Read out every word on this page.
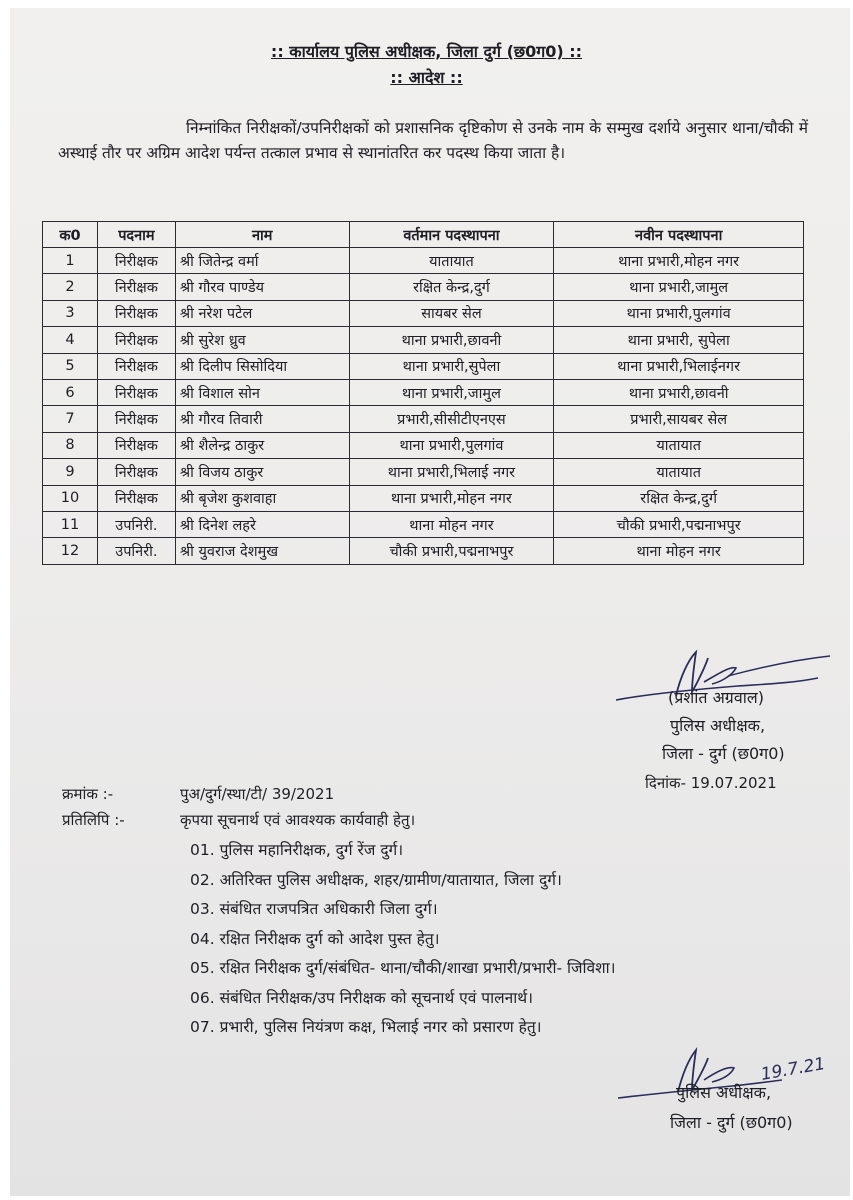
:: कार्यालय पुलिस अधीक्षक, जिला दुर्ग (छ0ग0) ::
:: आदेश ::
निम्नांकित निरीक्षकों/उपनिरीक्षकों को प्रशासनिक दृष्टिकोण से उनके नाम के सम्मुख दर्शाये अनुसार थाना/चौकी में अस्थाई तौर पर अग्रिम आदेश पर्यन्त तत्काल प्रभाव से स्थानांतरित कर पदस्थ किया जाता है।
क0	पदनाम	नाम	वर्तमान पदस्थापना	नवीन पदस्थापना
1	निरीक्षक	श्री जितेन्द्र वर्मा	यातायात	थाना प्रभारी,मोहन नगर
2	निरीक्षक	श्री गौरव पाण्डेय	रक्षित केन्द्र,दुर्ग	थाना प्रभारी,जामुल
3	निरीक्षक	श्री नरेश पटेल	सायबर सेल	थाना प्रभारी,पुलगांव
4	निरीक्षक	श्री सुरेश ध्रुव	थाना प्रभारी,छावनी	थाना प्रभारी, सुपेला
5	निरीक्षक	श्री दिलीप सिसोदिया	थाना प्रभारी,सुपेला	थाना प्रभारी,भिलाईनगर
6	निरीक्षक	श्री विशाल सोन	थाना प्रभारी,जामुल	थाना प्रभारी,छावनी
7	निरीक्षक	श्री गौरव तिवारी	प्रभारी,सीसीटीएनएस	प्रभारी,सायबर सेल
8	निरीक्षक	श्री शैलेन्द्र ठाकुर	थाना प्रभारी,पुलगांव	यातायात
9	निरीक्षक	श्री विजय ठाकुर	थाना प्रभारी,भिलाई नगर	यातायात
10	निरीक्षक	श्री बृजेश कुशवाहा	थाना प्रभारी,मोहन नगर	रक्षित केन्द्र,दुर्ग
11	उपनिरी.	श्री दिनेश लहरे	थाना मोहन नगर	चौकी प्रभारी,पद्मनाभपुर
12	उपनिरी.	श्री युवराज देशमुख	चौकी प्रभारी,पद्मनाभपुर	थाना मोहन नगर
(प्रशांत अग्रवाल)
पुलिस अधीक्षक,
जिला - दुर्ग (छ0ग0)
दिनांक- 19.07.2021
क्रमांक :-	पुअ/दुर्ग/स्था/टी/ 39/2021
प्रतिलिपि :-	कृपया सूचनार्थ एवं आवश्यक कार्यवाही हेतु।
01. पुलिस महानिरीक्षक, दुर्ग रेंज दुर्ग।
02. अतिरिक्त पुलिस अधीक्षक, शहर/ग्रामीण/यातायात, जिला दुर्ग।
03. संबंधित राजपत्रित अधिकारी जिला दुर्ग।
04. रक्षित निरीक्षक दुर्ग को आदेश पुस्त हेतु।
05. रक्षित निरीक्षक दुर्ग/संबंधित- थाना/चौकी/शाखा प्रभारी/प्रभारी- जिविशा।
06. संबंधित निरीक्षक/उप निरीक्षक को सूचनार्थ एवं पालनार्थ।
07. प्रभारी, पुलिस नियंत्रण कक्ष, भिलाई नगर को प्रसारण हेतु।
19.7.21
पुलिस अधीक्षक,
जिला - दुर्ग (छ0ग0)
